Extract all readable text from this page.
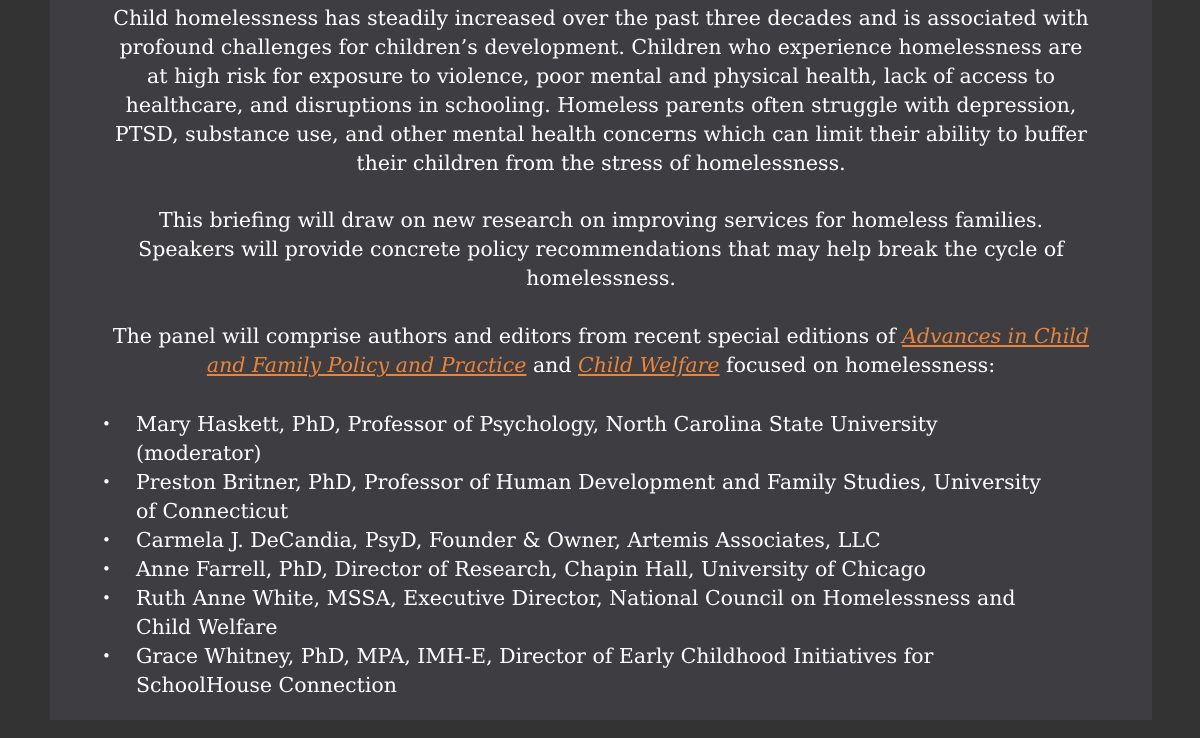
Child homelessness has steadily increased over the past three decades and is associated with
profound challenges for children’s development. Children who experience homelessness are
at high risk for exposure to violence, poor mental and physical health, lack of access to
healthcare, and disruptions in schooling. Homeless parents often struggle with depression,
PTSD, substance use, and other mental health concerns which can limit their ability to buffer
their children from the stress of homelessness.

This briefing will draw on new research on improving services for homeless families.
Speakers will provide concrete policy recommendations that may help break the cycle of
homelessness.

The panel will comprise authors and editors from recent special editions of Advances in Child
and Family Policy and Practice and Child Welfare focused on homelessness:

• Mary Haskett, PhD, Professor of Psychology, North Carolina State University
(moderator)
• Preston Britner, PhD, Professor of Human Development and Family Studies, University
of Connecticut
• Carmela J. DeCandia, PsyD, Founder & Owner, Artemis Associates, LLC
• Anne Farrell, PhD, Director of Research, Chapin Hall, University of Chicago
• Ruth Anne White, MSSA, Executive Director, National Council on Homelessness and
Child Welfare
• Grace Whitney, PhD, MPA, IMH-E, Director of Early Childhood Initiatives for
SchoolHouse Connection
